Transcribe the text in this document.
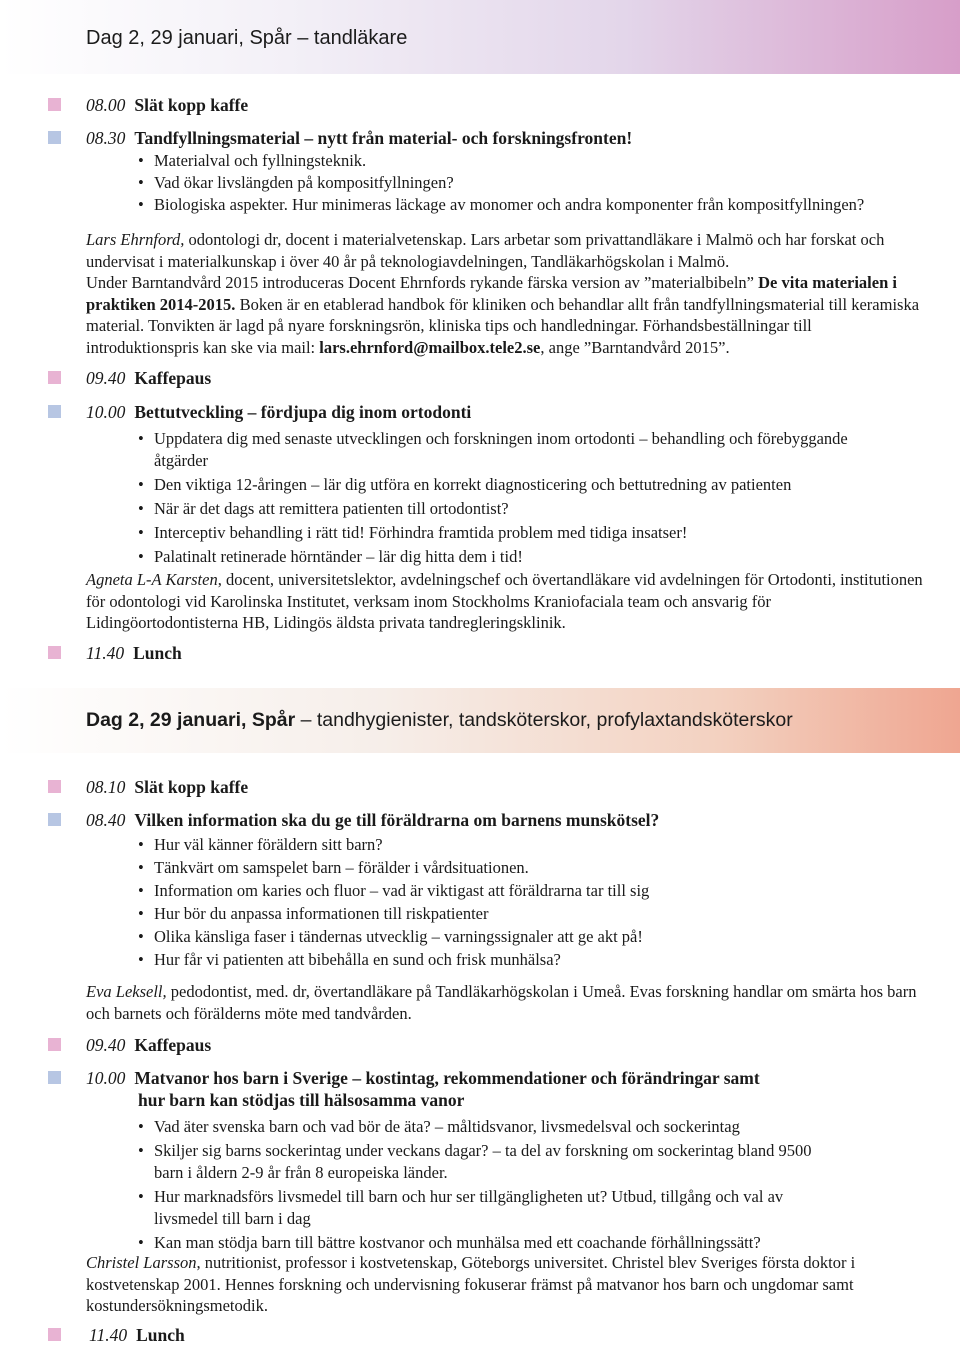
Dag 2, 29 januari, Spår – tandläkare
08.00 Slät kopp kaffe
08.30 Tandfyllningsmaterial – nytt från material- och forskningsfronten!
• Materialval och fyllningsteknik.
• Vad ökar livslängden på kompositfyllningen?
• Biologiska aspekter. Hur minimeras läckage av monomer och andra komponenter från kompositfyllningen?
Lars Ehrnford, odontologi dr, docent i materialvetenskap. Lars arbetar som privattandläkare i Malmö och har forskat och undervisat i materialkunskap i över 40 år på teknologiavdelningen, Tandläkarhögskolan i Malmö.
Under Barntandvård 2015 introduceras Docent Ehrnfords rykande färska version av ”materialbibeln” De vita materialen i praktiken 2014-2015. Boken är en etablerad handbok för kliniken och behandlar allt från tandfyllningsmaterial till keramiska material. Tonvikten är lagd på nyare forskningsrön, kliniska tips och handledningar. Förhandsbeställningar till introduktionspris kan ske via mail: lars.ehrnford@mailbox.tele2.se, ange ”Barntandvård 2015”.
09.40 Kaffepaus
10.00 Bettutveckling – fördjupa dig inom ortodonti
• Uppdatera dig med senaste utvecklingen och forskningen inom ortodonti – behandling och förebyggande åtgärder
• Den viktiga 12-åringen – lär dig utföra en korrekt diagnosticering och bettutredning av patienten
• När är det dags att remittera patienten till ortodontist?
• Interceptiv behandling i rätt tid! Förhindra framtida problem med tidiga insatser!
• Palatinalt retinerade hörntänder – lär dig hitta dem i tid!
Agneta L-A Karsten, docent, universitetslektor, avdelningschef och övertandläkare vid avdelningen för Ortodonti, institutionen för odontologi vid Karolinska Institutet, verksam inom Stockholms Kraniofaciala team och ansvarig för Lidingöortodontisterna HB, Lidingös äldsta privata tandregleringsklinik.
11.40 Lunch
Dag 2, 29 januari, Spår – tandhygienister, tandsköterskor, profylaxtandsköterskor
08.10 Slät kopp kaffe
08.40 Vilken information ska du ge till föräldrarna om barnens munskötsel?
• Hur väl känner föräldern sitt barn?
• Tänkvärt om samspelet barn – förälder i vårdsituationen.
• Information om karies och fluor – vad är viktigast att föräldrarna tar till sig
• Hur bör du anpassa informationen till riskpatienter
• Olika känsliga faser i tändernas utvecklig – varningssignaler att ge akt på!
• Hur får vi patienten att bibehålla en sund och frisk munhälsa?
Eva Leksell, pedodontist, med. dr, övertandläkare på Tandläkarhögskolan i Umeå. Evas forskning handlar om smärta hos barn och barnets och förälderns möte med tandvården.
09.40 Kaffepaus
10.00 Matvanor hos barn i Sverige – kostintag, rekommendationer och förändringar samt
hur barn kan stödjas till hälsosamma vanor
• Vad äter svenska barn och vad bör de äta? – måltidsvanor, livsmedelsval och sockerintag
• Skiljer sig barns sockerintag under veckans dagar? – ta del av forskning om sockerintag bland 9500 barn i åldern 2-9 år från 8 europeiska länder.
• Hur marknadsförs livsmedel till barn och hur ser tillgängligheten ut? Utbud, tillgång och val av livsmedel till barn i dag
• Kan man stödja barn till bättre kostvanor och munhälsa med ett coachande förhållningssätt?
Christel Larsson, nutritionist, professor i kostvetenskap, Göteborgs universitet. Christel blev Sveriges första doktor i kostvetenskap 2001. Hennes forskning och undervisning fokuserar främst på matvanor hos barn och ungdomar samt kostundersökningsmetodik.
11.40 Lunch
